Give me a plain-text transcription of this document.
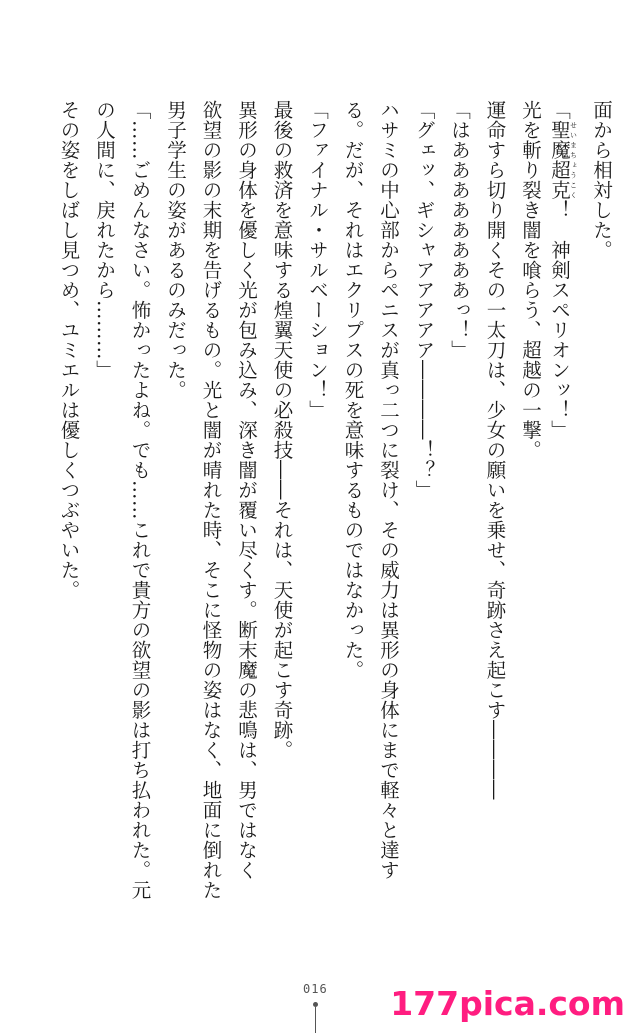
面から相対した。
「聖魔超克せいまちょうこく！　神剣スペリオンッ！」
光を斬り裂き闇を喰らう、超越の一撃。
運命すら切り開くその一太刀は、少女の願いを乗せ、奇跡さえ起こす――――
「はああああああああっ！」
「グェッ、ギシャアアアアア――――！？」
ハサミの中心部からペニスが真っ二つに裂け、その威力は異形の身体にまで軽々と達す
る。だが、それはエクリプスの死を意味するものではなかった。
「ファイナル・サルベーション！」
最後の救済を意味する煌翼天使の必殺技――それは、天使が起こす奇跡。
異形の身体を優しく光が包み込み、深き闇が覆い尽くす。断末魔の悲鳴は、男ではなく
欲望の影の末期を告げるもの。光と闇が晴れた時、そこに怪物の姿はなく、地面に倒れた
男子学生の姿があるのみだった。
「……ごめんなさい。怖かったよね。でも……これで貴方の欲望の影は打ち払われた。元
の人間に、戻れたから………」
その姿をしばし見つめ、ユミエルは優しくつぶやいた。
016 177pica.com
